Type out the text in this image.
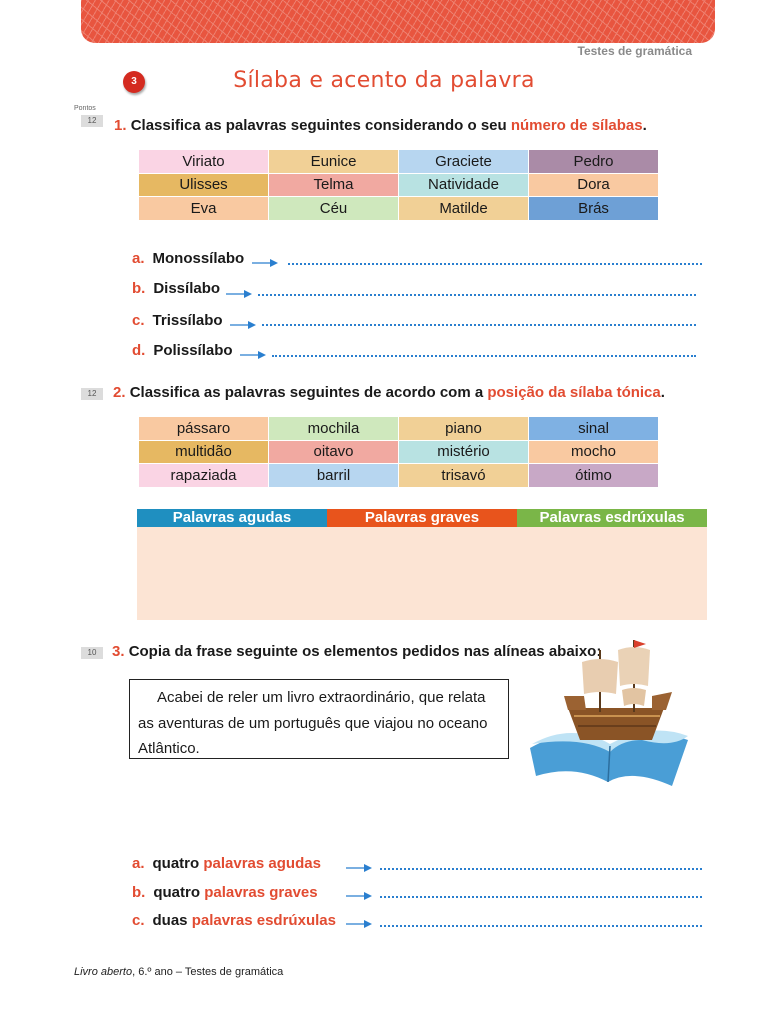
Testes de gramática
3	Sílaba e acento da palavra
Pontos
12	1. Classifica as palavras seguintes considerando o seu número de sílabas.
Viriato	Eunice	Graciete	Pedro
Ulisses	Telma	Natividade	Dora
Eva	Céu	Matilde	Brás
a. Monossílabo
b. Dissílabo
c. Trissílabo
d. Polissílabo
12	2. Classifica as palavras seguintes de acordo com a posição da sílaba tónica.
pássaro	mochila	piano	sinal
multidão	oitavo	mistério	mocho
rapaziada	barril	trisavó	ótimo
Palavras agudas	Palavras graves	Palavras esdrúxulas
10	3. Copia da frase seguinte os elementos pedidos nas alíneas abaixo:
Acabei de reler um livro extraordinário, que relata as aventuras de um português que viajou no oceano Atlântico.
a. quatro palavras agudas
b. quatro palavras graves
c. duas palavras esdrúxulas
Livro aberto, 6.º ano – Testes de gramática
